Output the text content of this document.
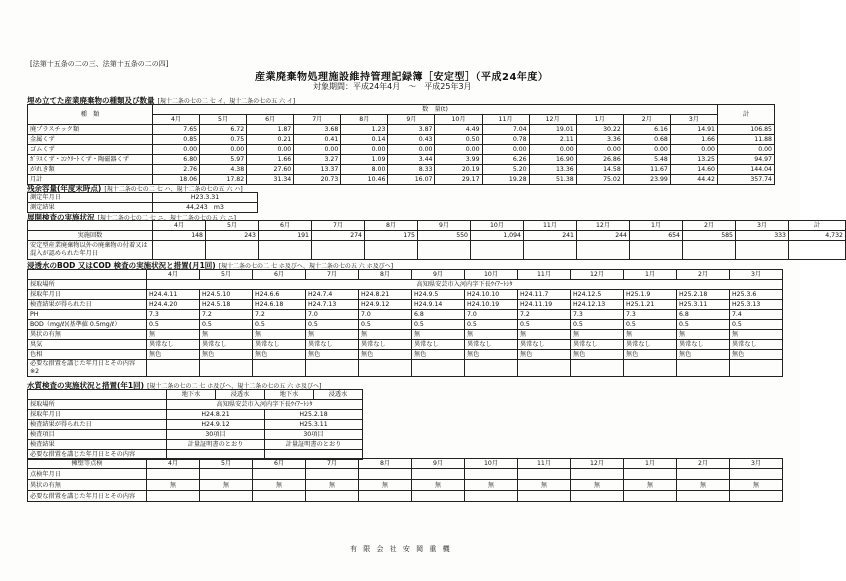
[法第十五条の二の三、法第十五条の二の四]
産業廃棄物処理施設維持管理記録簿［安定型］（平成24年度）
対象期間：平成24年4月　～　平成25年3月
埋め立てた産業廃棄物の種類及び数量 [規十二条の七の二 七 イ、規十二条の七の五 六 イ]
種　類	数　量(t)												計
	4月	5月	6月	7月	8月	9月	10月	11月	12月	1月	2月	3月	
廃プラスチック類	7.65	6.72	1.87	3.68	1.23	3.87	4.49	7.04	19.01	30.22	6.16	14.91	106.85
金属くず	0.85	0.75	0.21	0.41	0.14	0.43	0.50	0.78	2.11	3.36	0.68	1.66	11.88
ゴムくず	0.00	0.00	0.00	0.00	0.00	0.00	0.00	0.00	0.00	0.00	0.00	0.00	0.00
ｶﾞﾗｽくず・ｺﾝｸﾘｰﾄくず・陶磁器くず	6.80	5.97	1.66	3.27	1.09	3.44	3.99	6.26	16.90	26.86	5.48	13.25	94.97
がれき類	2.76	4.38	27.60	13.37	8.00	8.33	20.19	5.20	13.36	14.58	11.67	14.60	144.04
月計	18.06	17.82	31.34	20.73	10.46	16.07	29.17	19.28	51.38	75.02	23.99	44.42	357.74
残余容量(年度末時点) [規十二条の七の二 七 ハ、規十二条の七の五 六 ハ]
測定年月日	H23.3.31
測定結果	44,243　m3
展開検査の実施状況 [規十二条の七の二 七 ニ、規十二条の七の五 六 ニ]
	4月	5月	6月	7月	8月	9月	10月	11月	12月	1月	2月	3月	計
実施回数	148	243	191	274	175	550	1,094	241	244	654	585	333	4,732
安定型産業廃棄物以外の廃棄物の付着又は混入が認められた年月日													
浸透水のBOD 又はCOD 検査の実施状況と措置(月1回) [規十二条の七の二 七 ホ及びヘ、規十二条の七の五 六 ホ及びヘ]
	4月	5月	6月	7月	8月	9月	10月	11月	12月	1月	2月	3月
採取場所	高知県安芸市入河内字下長ｳｲｱｰﾄｼﾀ											
採取年月日	H24.4.11	H24.5.10	H24.6.6	H24.7.4	H24.8.21	H24.9.5	H24.10.10	H24.11.7	H24.12.5	H25.1.9	H25.2.18	H25.3.6
検査結果が得られた日	H24.4.20	H24.5.18	H24.6.18	H24.7.13	H24.9.12	H24.9.14	H24.10.19	H24.11.19	H24.12.13	H25.1.21	H25.3.11	H25.3.13
PH	7.3	7.2	7.2	7.0	7.0	6.8	7.0	7.2	7.3	7.3	6.8	7.4
BOD（mg/ℓ)(基準値 0.5mg/ℓ）	0.5	0.5	0.5	0.5	0.5	0.5	0.5	0.5	0.5	0.5	0.5	0.5
異状の有無	無	無	無	無	無	無	無	無	無	無	無	無
臭気	異常なし	異常なし	異常なし	異常なし	異常なし	異常なし	異常なし	異常なし	異常なし	異常なし	異常なし	異常なし
色相	無色	無色	無色	無色	無色	無色	無色	無色	無色	無色	無色	無色
必要な措置を講じた年月日とその内容※2												
水質検査の実施状況と措置(年1回) [規十二条の七の二 七 ホ及びヘ、規十二条の七の五 六 ホ及びヘ]
	地下水	浸透水	地下水	浸透水
採取場所	高知県安芸市入河内字下長ｳｲｱｰﾄｼﾀ			
採取年月日	H24.8.21		H25.2.18	
検査結果が得られた日	H24.9.12		H25.3.11	
検査項目	30項目		30項目	
検査結果	計量証明書のとおり		計量証明書のとおり	
必要な措置を講じた年月日とその内容				
擁壁等点検	4月	5月	6月	7月	8月	9月	10月	11月	12月	1月	2月	3月
点検年月日												
異状の有無	無	無	無	無	無	無	無	無	無	無	無	無
必要な措置を講じた年月日とその内容												
有 限 会 社 安 岡 重 機
